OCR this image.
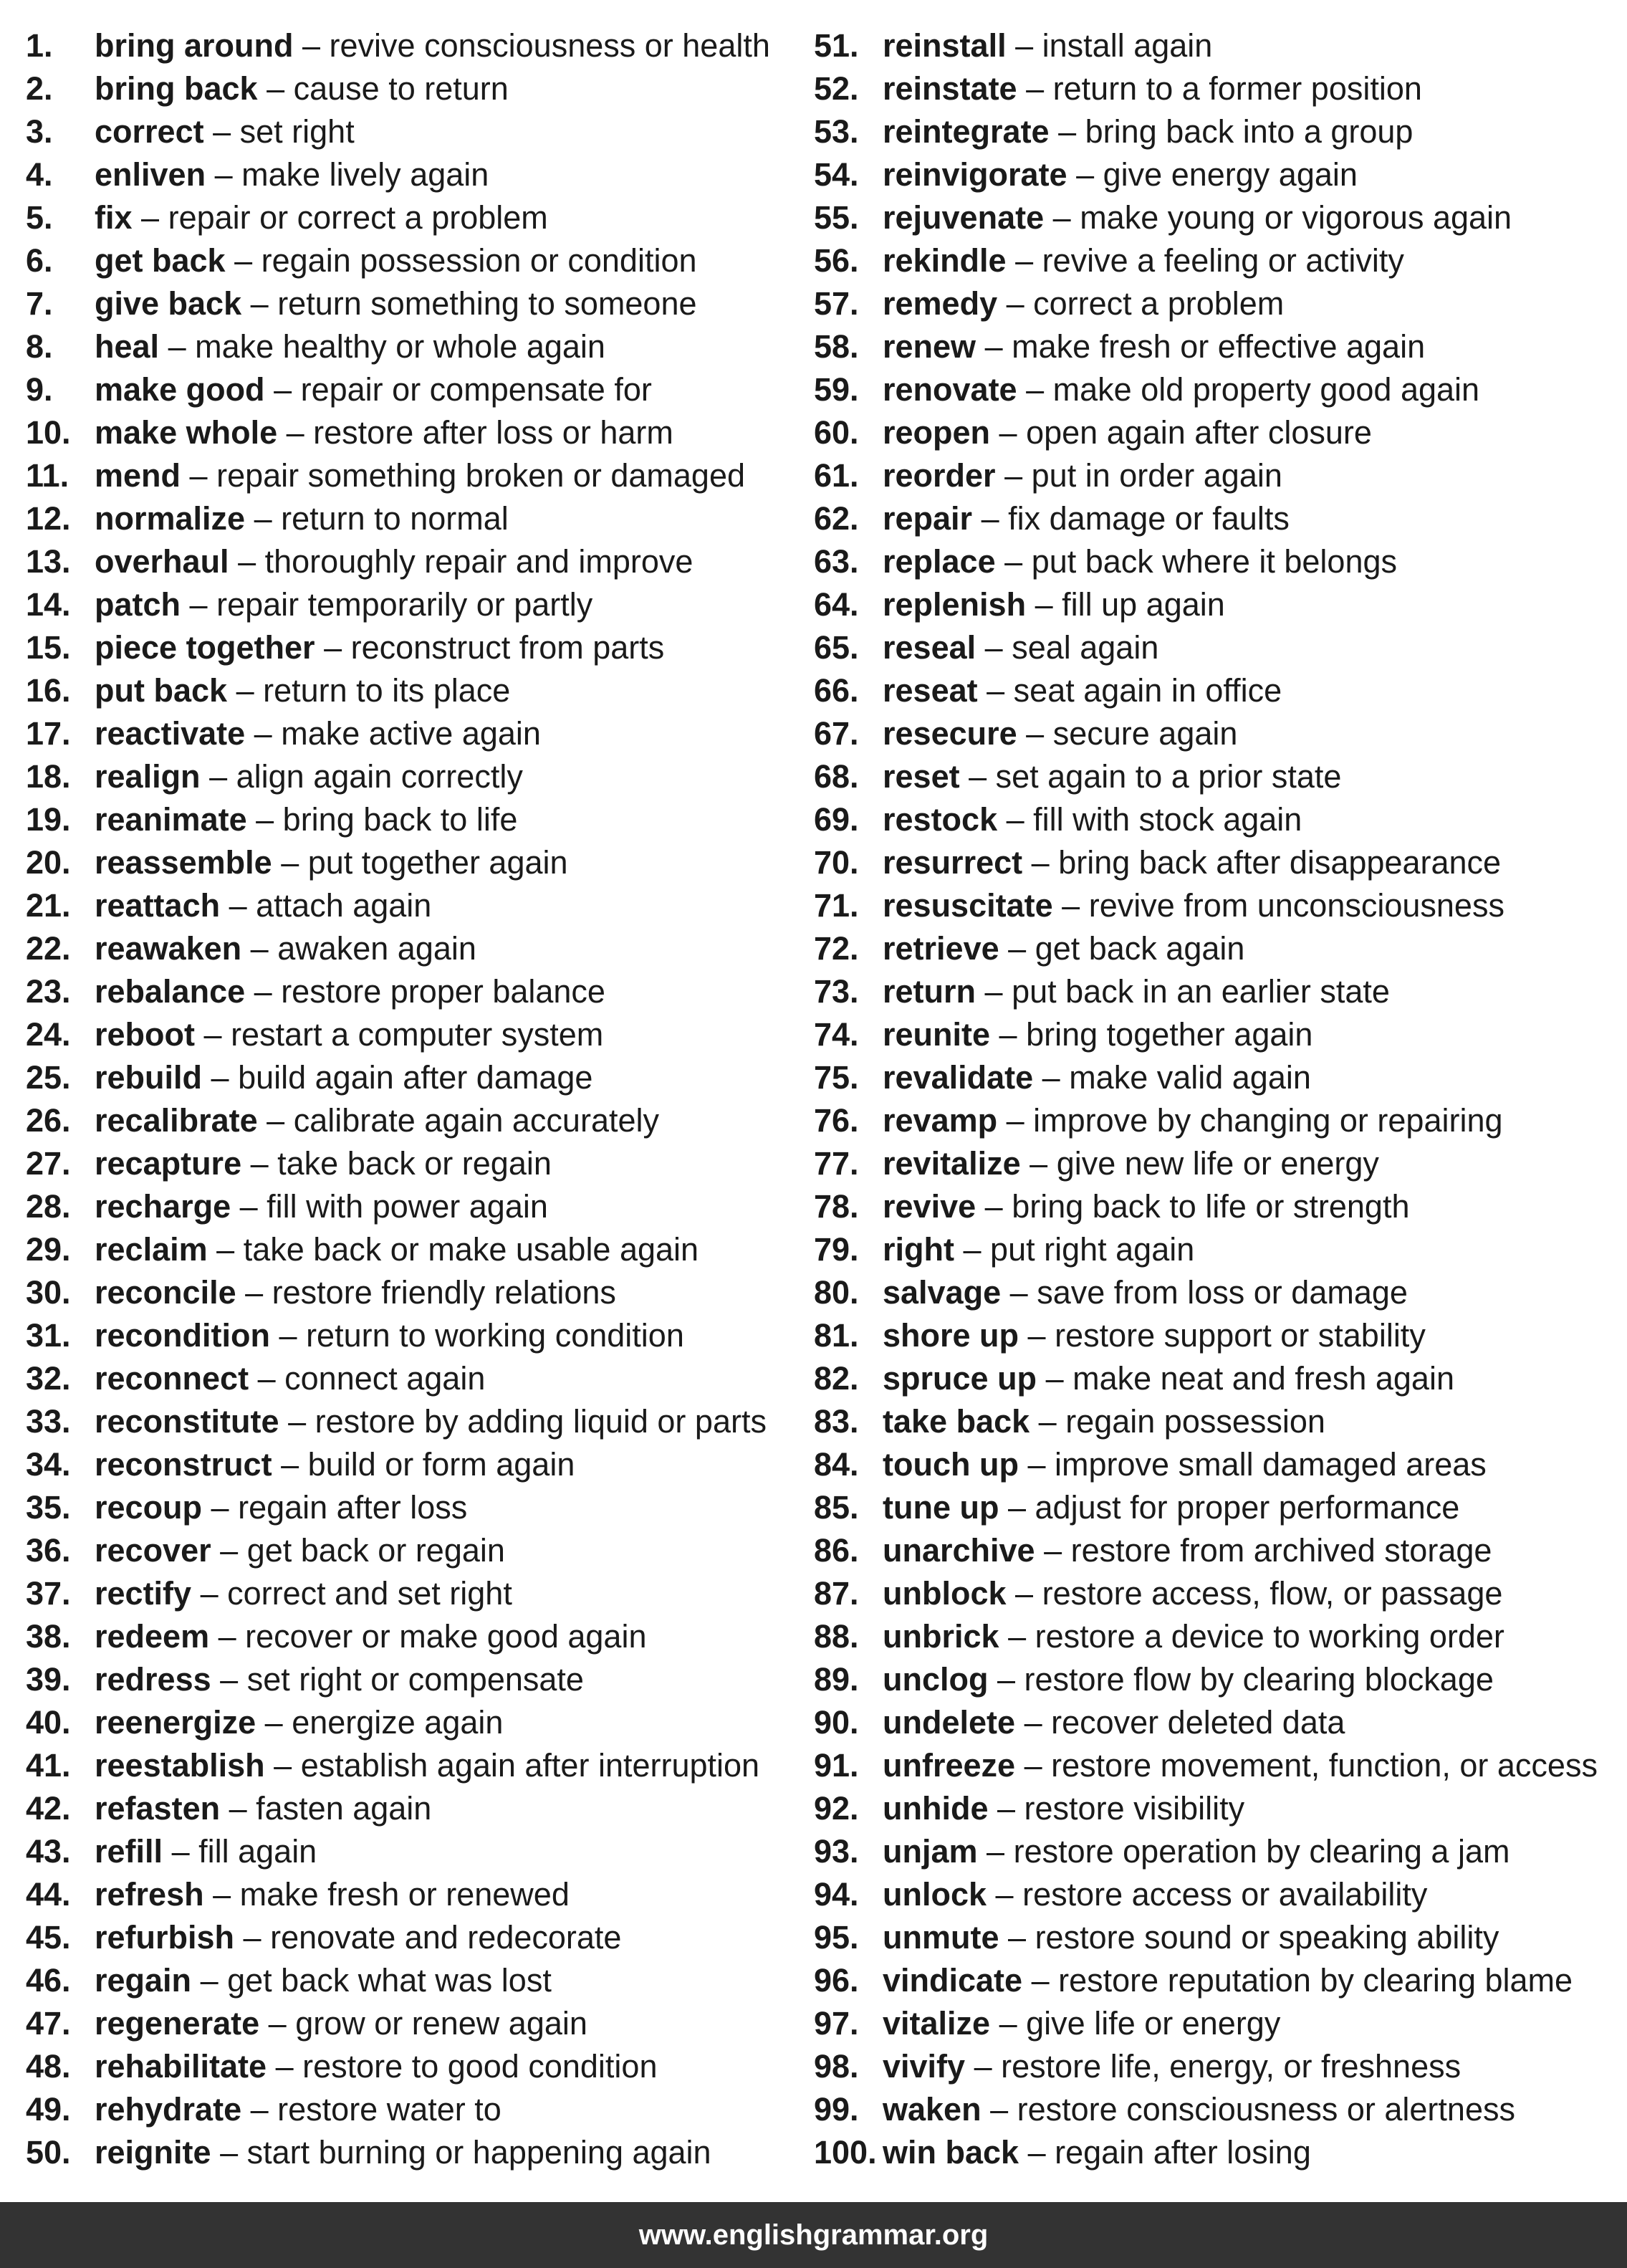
1. bring around – revive consciousness or health
2. bring back – cause to return
3. correct – set right
4. enliven – make lively again
5. fix – repair or correct a problem
6. get back – regain possession or condition
7. give back – return something to someone
8. heal – make healthy or whole again
9. make good – repair or compensate for
10. make whole – restore after loss or harm
11. mend – repair something broken or damaged
12. normalize – return to normal
13. overhaul – thoroughly repair and improve
14. patch – repair temporarily or partly
15. piece together – reconstruct from parts
16. put back – return to its place
17. reactivate – make active again
18. realign – align again correctly
19. reanimate – bring back to life
20. reassemble – put together again
21. reattach – attach again
22. reawaken – awaken again
23. rebalance – restore proper balance
24. reboot – restart a computer system
25. rebuild – build again after damage
26. recalibrate – calibrate again accurately
27. recapture – take back or regain
28. recharge – fill with power again
29. reclaim – take back or make usable again
30. reconcile – restore friendly relations
31. recondition – return to working condition
32. reconnect – connect again
33. reconstitute – restore by adding liquid or parts
34. reconstruct – build or form again
35. recoup – regain after loss
36. recover – get back or regain
37. rectify – correct and set right
38. redeem – recover or make good again
39. redress – set right or compensate
40. reenergize – energize again
41. reestablish – establish again after interruption
42. refasten – fasten again
43. refill – fill again
44. refresh – make fresh or renewed
45. refurbish – renovate and redecorate
46. regain – get back what was lost
47. regenerate – grow or renew again
48. rehabilitate – restore to good condition
49. rehydrate – restore water to
50. reignite – start burning or happening again
51. reinstall – install again
52. reinstate – return to a former position
53. reintegrate – bring back into a group
54. reinvigorate – give energy again
55. rejuvenate – make young or vigorous again
56. rekindle – revive a feeling or activity
57. remedy – correct a problem
58. renew – make fresh or effective again
59. renovate – make old property good again
60. reopen – open again after closure
61. reorder – put in order again
62. repair – fix damage or faults
63. replace – put back where it belongs
64. replenish – fill up again
65. reseal – seal again
66. reseat – seat again in office
67. resecure – secure again
68. reset – set again to a prior state
69. restock – fill with stock again
70. resurrect – bring back after disappearance
71. resuscitate – revive from unconsciousness
72. retrieve – get back again
73. return – put back in an earlier state
74. reunite – bring together again
75. revalidate – make valid again
76. revamp – improve by changing or repairing
77. revitalize – give new life or energy
78. revive – bring back to life or strength
79. right – put right again
80. salvage – save from loss or damage
81. shore up – restore support or stability
82. spruce up – make neat and fresh again
83. take back – regain possession
84. touch up – improve small damaged areas
85. tune up – adjust for proper performance
86. unarchive – restore from archived storage
87. unblock – restore access, flow, or passage
88. unbrick – restore a device to working order
89. unclog – restore flow by clearing blockage
90. undelete – recover deleted data
91. unfreeze – restore movement, function, or access
92. unhide – restore visibility
93. unjam – restore operation by clearing a jam
94. unlock – restore access or availability
95. unmute – restore sound or speaking ability
96. vindicate – restore reputation by clearing blame
97. vitalize – give life or energy
98. vivify – restore life, energy, or freshness
99. waken – restore consciousness or alertness
100. win back – regain after losing
www.englishgrammar.org
